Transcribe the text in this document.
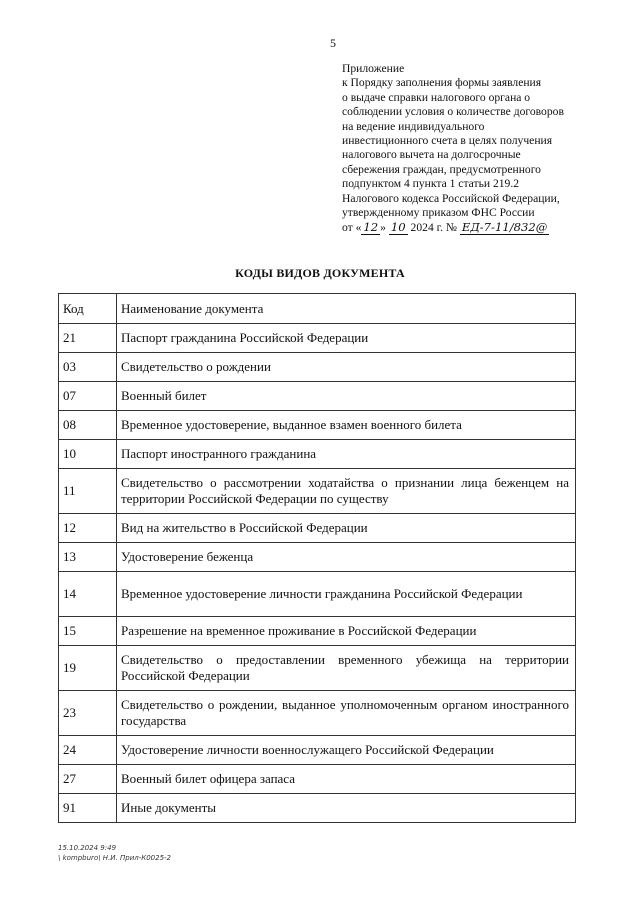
5
Приложение
к Порядку заполнения формы заявления
о выдаче справки налогового органа о
соблюдении условия о количестве договоров
на ведение индивидуального
инвестиционного счета в целях получения
налогового вычета на долгосрочные
сбережения граждан, предусмотренного
подпунктом 4 пункта 1 статьи 219.2
Налогового кодекса Российской Федерации,
утвержденному приказом ФНС России
от « 12 » 10 2024 г. № ЕД-7-11/832@
КОДЫ ВИДОВ ДОКУМЕНТА
Код	Наименование документа
21	Паспорт гражданина Российской Федерации
03	Свидетельство о рождении
07	Военный билет
08	Временное удостоверение, выданное взамен военного билета
10	Паспорт иностранного гражданина
11	Свидетельство о рассмотрении ходатайства о признании лица беженцем на территории Российской Федерации по существу
12	Вид на жительство в Российской Федерации
13	Удостоверение беженца
14	Временное удостоверение личности гражданина Российской Федерации
15	Разрешение на временное проживание в Российской Федерации
19	Свидетельство о предоставлении временного убежища на территории Российской Федерации
23	Свидетельство о рождении, выданное уполномоченным органом иностранного государства
24	Удостоверение личности военнослужащего Российской Федерации
27	Военный билет офицера запаса
91	Иные документы
15.10.2024 9:49
\ kompburo\ Н.И. Прил-К0025-2
